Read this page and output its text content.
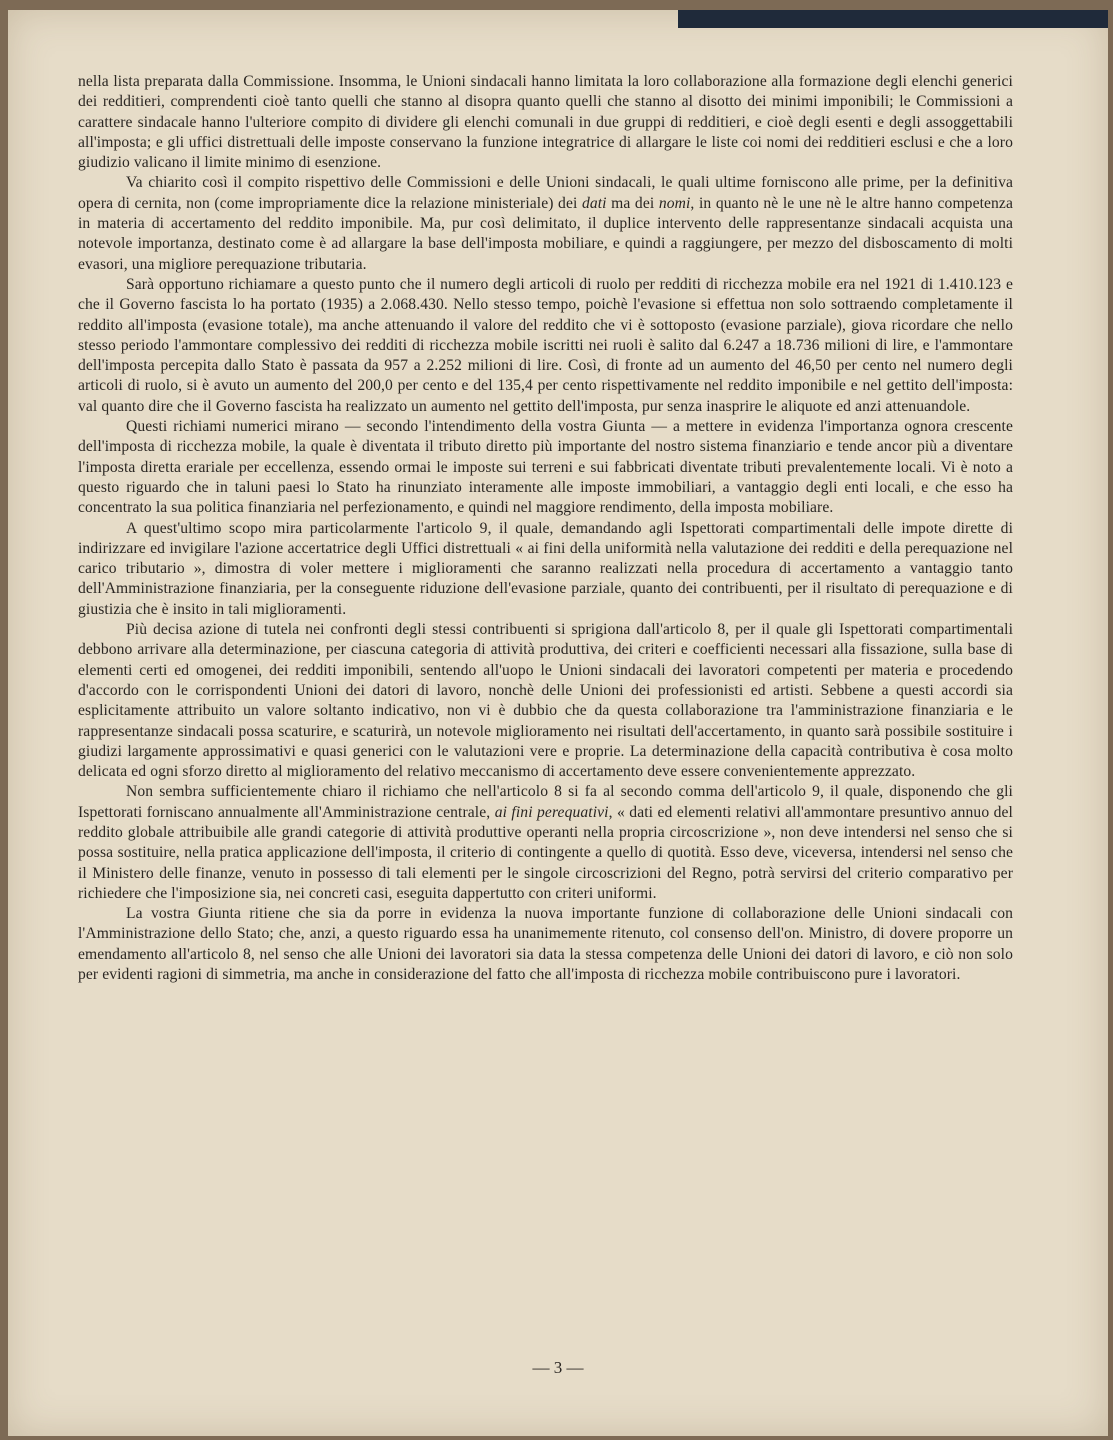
nella lista preparata dalla Commissione. Insomma, le Unioni sindacali hanno limitata la loro collaborazione alla formazione degli elenchi generici dei redditieri, comprendenti cioè tanto quelli che stanno al disopra quanto quelli che stanno al disotto dei minimi imponibili; le Commissioni a carattere sindacale hanno l'ulteriore compito di dividere gli elenchi comunali in due gruppi di redditieri, e cioè degli esenti e degli assoggettabili all'imposta; e gli uffici distrettuali delle imposte conservano la funzione integratrice di allargare le liste coi nomi dei redditieri esclusi e che a loro giudizio valicano il limite minimo di esenzione.

Va chiarito così il compito rispettivo delle Commissioni e delle Unioni sindacali, le quali ultime forniscono alle prime, per la definitiva opera di cernita, non (come impropriamente dice la relazione ministeriale) dei dati ma dei nomi, in quanto nè le une nè le altre hanno competenza in materia di accertamento del reddito imponibile. Ma, pur così delimitato, il duplice intervento delle rappresentanze sindacali acquista una notevole importanza, destinato come è ad allargare la base dell'imposta mobiliare, e quindi a raggiungere, per mezzo del disboscamento di molti evasori, una migliore perequazione tributaria.

Sarà opportuno richiamare a questo punto che il numero degli articoli di ruolo per redditi di ricchezza mobile era nel 1921 di 1.410.123 e che il Governo fascista lo ha portato (1935) a 2.068.430. Nello stesso tempo, poichè l'evasione si effettua non solo sottraendo completamente il reddito all'imposta (evasione totale), ma anche attenuando il valore del reddito che vi è sottoposto (evasione parziale), giova ricordare che nello stesso periodo l'ammontare complessivo dei redditi di ricchezza mobile iscritti nei ruoli è salito dal 6.247 a 18.736 milioni di lire, e l'ammontare dell'imposta percepita dallo Stato è passata da 957 a 2.252 milioni di lire. Così, di fronte ad un aumento del 46,50 per cento nel numero degli articoli di ruolo, si è avuto un aumento del 200,0 per cento e del 135,4 per cento rispettivamente nel reddito imponibile e nel gettito dell'imposta: val quanto dire che il Governo fascista ha realizzato un aumento nel gettito dell'imposta, pur senza inasprire le aliquote ed anzi attenuandole.

Questi richiami numerici mirano — secondo l'intendimento della vostra Giunta — a mettere in evidenza l'importanza ognora crescente dell'imposta di ricchezza mobile, la quale è diventata il tributo diretto più importante del nostro sistema finanziario e tende ancor più a diventare l'imposta diretta erariale per eccellenza, essendo ormai le imposte sui terreni e sui fabbricati diventate tributi prevalentemente locali. Vi è noto a questo riguardo che in taluni paesi lo Stato ha rinunziato interamente alle imposte immobiliari, a vantaggio degli enti locali, e che esso ha concentrato la sua politica finanziaria nel perfezionamento, e quindi nel maggiore rendimento, della imposta mobiliare.

A quest'ultimo scopo mira particolarmente l'articolo 9, il quale, demandando agli Ispettorati compartimentali delle impote dirette di indirizzare ed invigilare l'azione accertatrice degli Uffici distrettuali « ai fini della uniformità nella valutazione dei redditi e della perequazione nel carico tributario », dimostra di voler mettere i miglioramenti che saranno realizzati nella procedura di accertamento a vantaggio tanto dell'Amministrazione finanziaria, per la conseguente riduzione dell'evasione parziale, quanto dei contribuenti, per il risultato di perequazione e di giustizia che è insito in tali miglioramenti.

Più decisa azione di tutela nei confronti degli stessi contribuenti si sprigiona dall'articolo 8, per il quale gli Ispettorati compartimentali debbono arrivare alla determinazione, per ciascuna categoria di attività produttiva, dei criteri e coefficienti necessari alla fissazione, sulla base di elementi certi ed omogenei, dei redditi imponibili, sentendo all'uopo le Unioni sindacali dei lavoratori competenti per materia e procedendo d'accordo con le corrispondenti Unioni dei datori di lavoro, nonchè delle Unioni dei professionisti ed artisti. Sebbene a questi accordi sia esplicitamente attribuito un valore soltanto indicativo, non vi è dubbio che da questa collaborazione tra l'amministrazione finanziaria e le rappresentanze sindacali possa scaturire, e scaturirà, un notevole miglioramento nei risultati dell'accertamento, in quanto sarà possibile sostituire i giudizi largamente approssimativi e quasi generici con le valutazioni vere e proprie. La determinazione della capacità contributiva è cosa molto delicata ed ogni sforzo diretto al miglioramento del relativo meccanismo di accertamento deve essere convenientemente apprezzato.

Non sembra sufficientemente chiaro il richiamo che nell'articolo 8 si fa al secondo comma dell'articolo 9, il quale, disponendo che gli Ispettorati forniscano annualmente all'Amministrazione centrale, ai fini perequativi, « dati ed elementi relativi all'ammontare presuntivo annuo del reddito globale attribuibile alle grandi categorie di attività produttive operanti nella propria circoscrizione », non deve intendersi nel senso che si possa sostituire, nella pratica applicazione dell'imposta, il criterio di contingente a quello di quotità. Esso deve, viceversa, intendersi nel senso che il Ministero delle finanze, venuto in possesso di tali elementi per le singole circoscrizioni del Regno, potrà servirsi del criterio comparativo per richiedere che l'imposizione sia, nei concreti casi, eseguita dappertutto con criteri uniformi.

La vostra Giunta ritiene che sia da porre in evidenza la nuova importante funzione di collaborazione delle Unioni sindacali con l'Amministrazione dello Stato; che, anzi, a questo riguardo essa ha unanimemente ritenuto, col consenso dell'on. Ministro, di dovere proporre un emendamento all'articolo 8, nel senso che alle Unioni dei lavoratori sia data la stessa competenza delle Unioni dei datori di lavoro, e ciò non solo per evidenti ragioni di simmetria, ma anche in considerazione del fatto che all'imposta di ricchezza mobile contribuiscono pure i lavoratori.

— 3 —
